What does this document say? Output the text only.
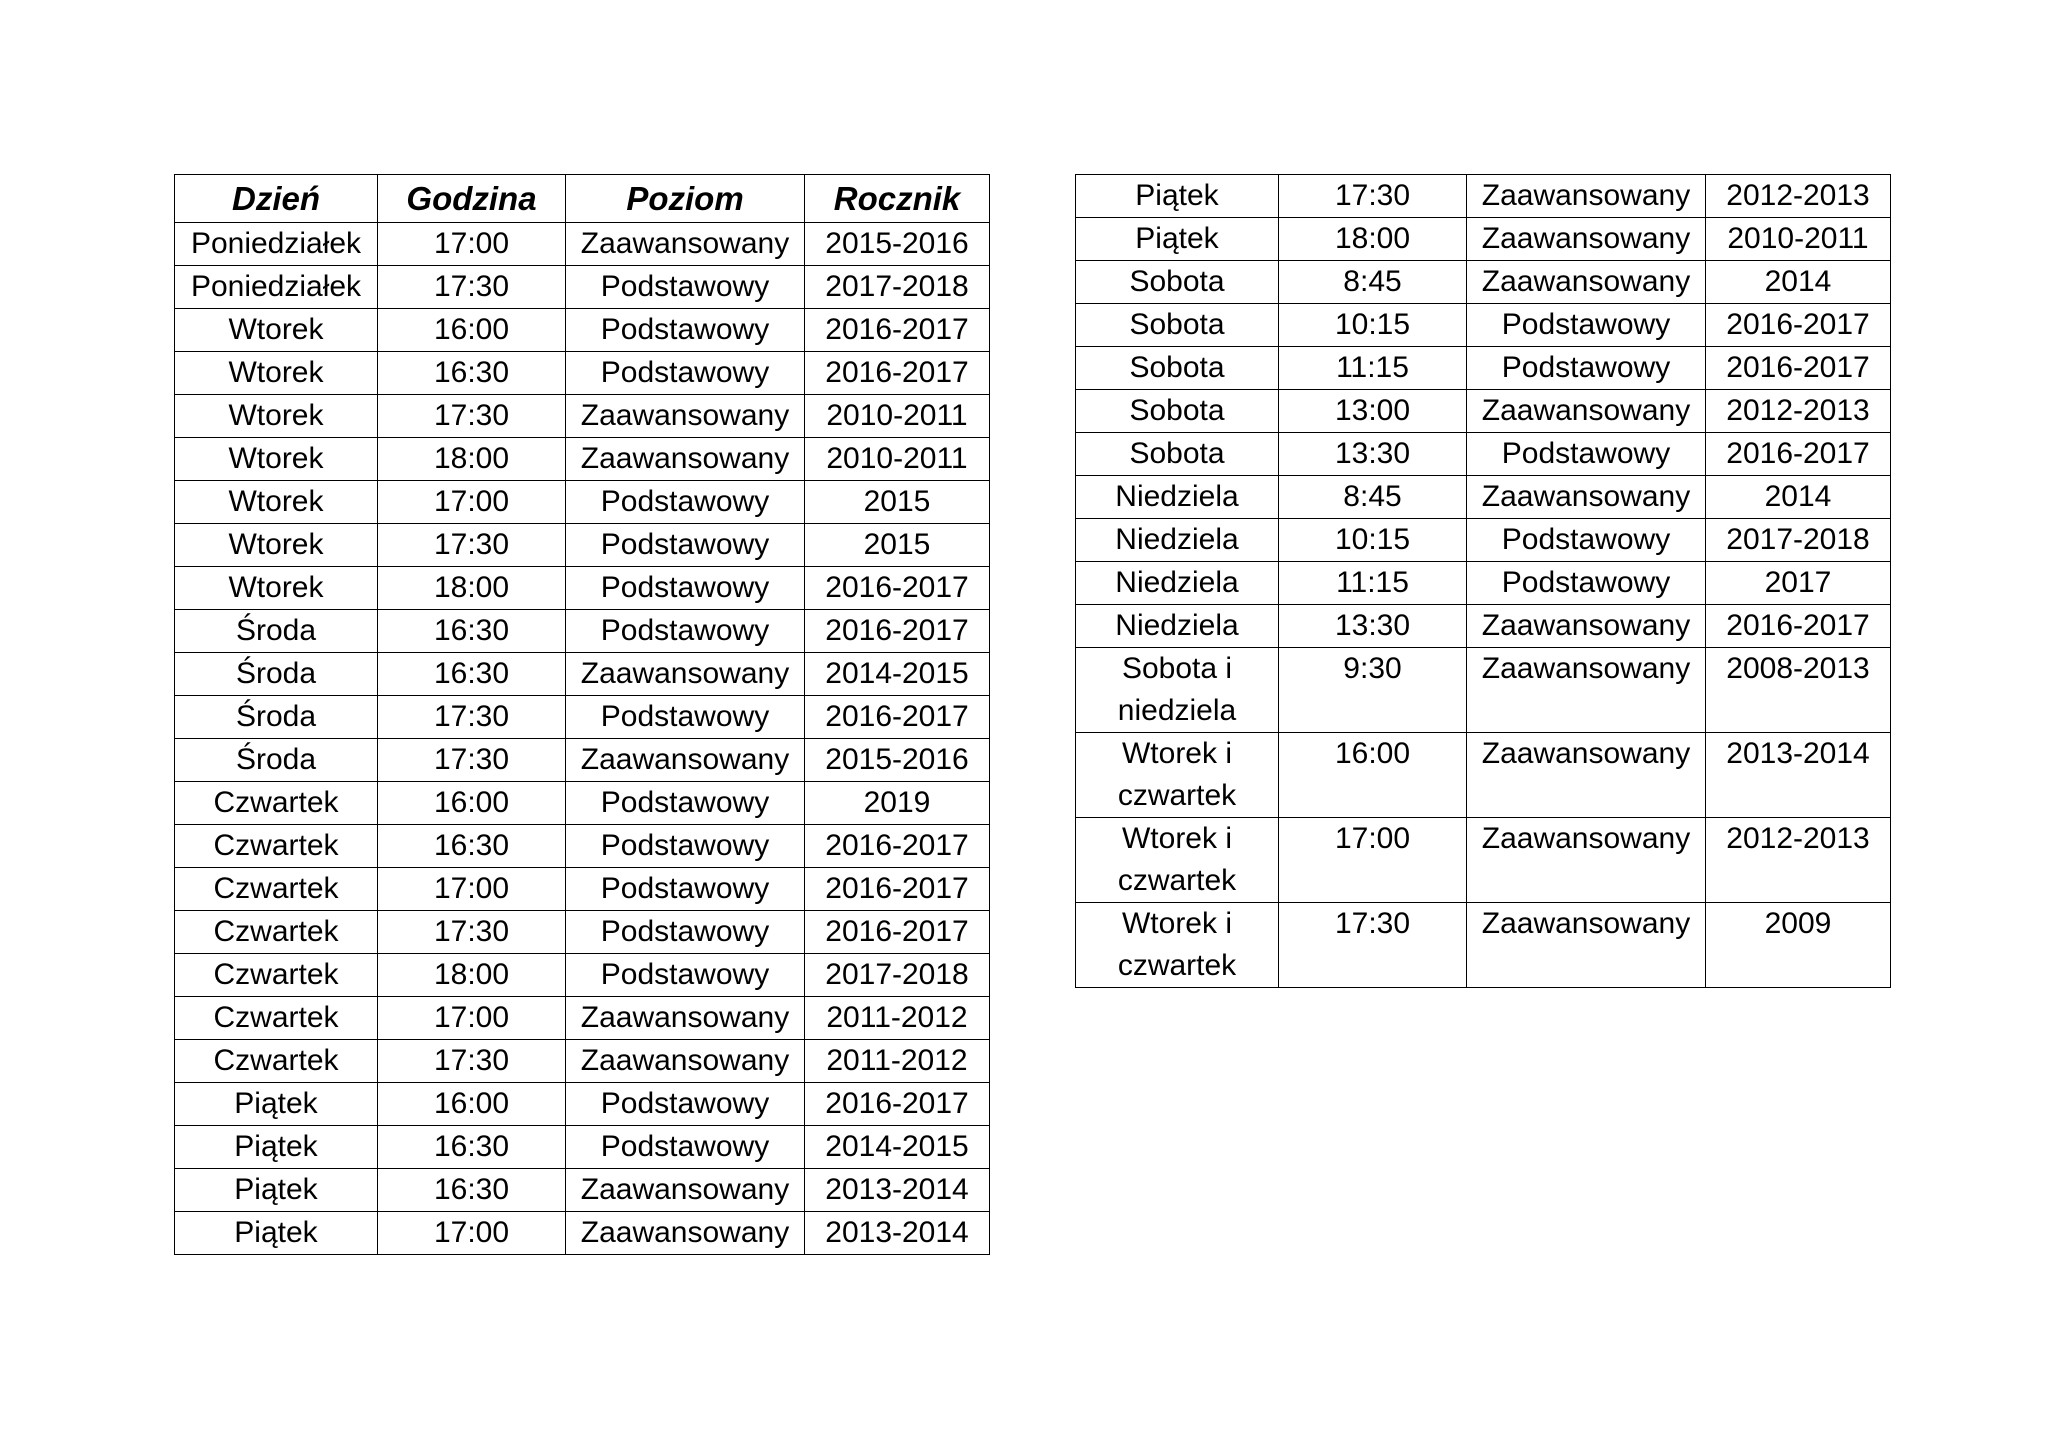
Dzień	Godzina	Poziom	Rocznik
Poniedziałek	17:00	Zaawansowany	2015-2016
Poniedziałek	17:30	Podstawowy	2017-2018
Wtorek	16:00	Podstawowy	2016-2017
Wtorek	16:30	Podstawowy	2016-2017
Wtorek	17:30	Zaawansowany	2010-2011
Wtorek	18:00	Zaawansowany	2010-2011
Wtorek	17:00	Podstawowy	2015
Wtorek	17:30	Podstawowy	2015
Wtorek	18:00	Podstawowy	2016-2017
Środa	16:30	Podstawowy	2016-2017
Środa	16:30	Zaawansowany	2014-2015
Środa	17:30	Podstawowy	2016-2017
Środa	17:30	Zaawansowany	2015-2016
Czwartek	16:00	Podstawowy	2019
Czwartek	16:30	Podstawowy	2016-2017
Czwartek	17:00	Podstawowy	2016-2017
Czwartek	17:30	Podstawowy	2016-2017
Czwartek	18:00	Podstawowy	2017-2018
Czwartek	17:00	Zaawansowany	2011-2012
Czwartek	17:30	Zaawansowany	2011-2012
Piątek	16:00	Podstawowy	2016-2017
Piątek	16:30	Podstawowy	2014-2015
Piątek	16:30	Zaawansowany	2013-2014
Piątek	17:00	Zaawansowany	2013-2014
Piątek	17:30	Zaawansowany	2012-2013
Piątek	18:00	Zaawansowany	2010-2011
Sobota	8:45	Zaawansowany	2014
Sobota	10:15	Podstawowy	2016-2017
Sobota	11:15	Podstawowy	2016-2017
Sobota	13:00	Zaawansowany	2012-2013
Sobota	13:30	Podstawowy	2016-2017
Niedziela	8:45	Zaawansowany	2014
Niedziela	10:15	Podstawowy	2017-2018
Niedziela	11:15	Podstawowy	2017
Niedziela	13:30	Zaawansowany	2016-2017
Sobota i niedziela	9:30	Zaawansowany	2008-2013
Wtorek i czwartek	16:00	Zaawansowany	2013-2014
Wtorek i czwartek	17:00	Zaawansowany	2012-2013
Wtorek i czwartek	17:30	Zaawansowany	2009
